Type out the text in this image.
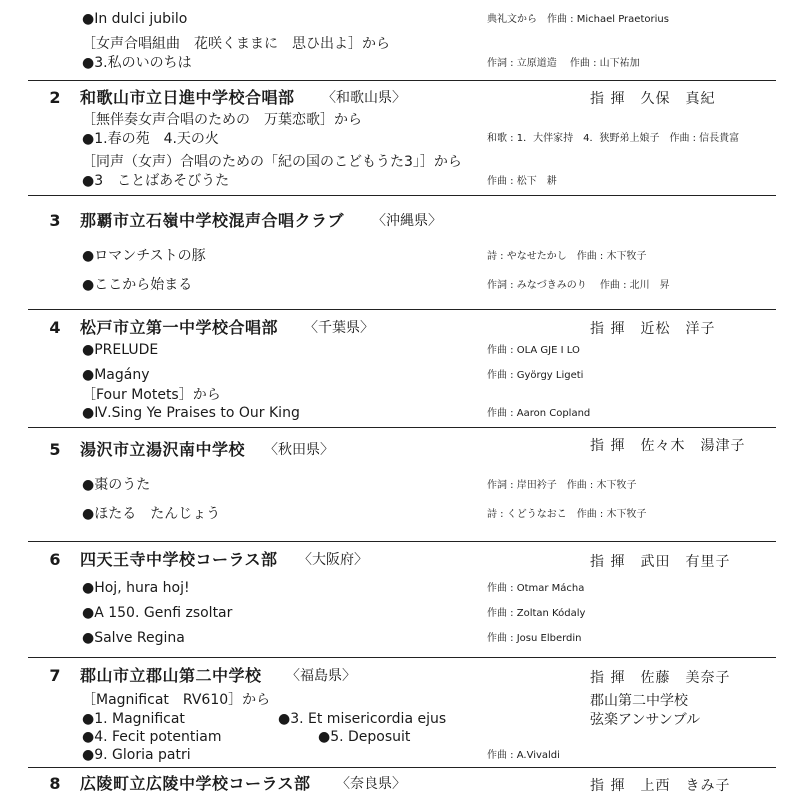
●In dulci jubilo	典礼文から　作曲 : Michael Praetorius
［女声合唱組曲　花咲くままに　思ひ出よ］から
●3.私のいのちは	作詞 : 立原道造　 作曲 : 山下祐加
2	和歌山市立日進中学校合唱部 〈和歌山県〉	指 揮　久保　真紀
［無伴奏女声合唱のための　万葉恋歌］から
●1.春の苑　4.天の火	和歌 : 1．大伴家持　4．狭野弟上娘子　作曲 : 信長貴富
［同声（女声）合唱のための「紀の国のこどもうた3」］から
●3　ことばあそびうた	作曲 : 松下　耕
3	那覇市立石嶺中学校混声合唱クラブ 〈沖縄県〉
●ロマンチストの豚	詩 : やなせたかし　作曲 : 木下牧子
●ここから始まる	作詞 : みなづきみのり　 作曲 : 北川　昇
4	松戸市立第一中学校合唱部 〈千葉県〉	指 揮　近松　洋子
●PRELUDE	作曲 : OLA GJE I LO
●Magány	作曲 : György Ligeti
［Four Motets］から
●Ⅳ.Sing Ye Praises to Our King	作曲 : Aaron Copland
5	湯沢市立湯沢南中学校 〈秋田県〉	指 揮　佐々木　湯津子
●棗のうた	作詞 : 岸田衿子　作曲 : 木下牧子
●ほたる　たんじょう	詩 : くどうなおこ　作曲 : 木下牧子
6	四天王寺中学校コーラス部 〈大阪府〉	指 揮　武田　有里子
●Hoj, hura hoj!	作曲 : Otmar Mácha
●A 150. Genfi zsoltar	作曲 : Zoltan Kódaly
●Salve Regina	作曲 : Josu Elberdin
7	郡山市立郡山第二中学校 〈福島県〉	指 揮　佐藤　美奈子
郡山第二中学校
弦楽アンサンブル
［Magnificat　RV610］から
●1. Magnificat	●3. Et misericordia ejus
●4. Fecit potentiam	●5. Deposuit
●9. Gloria patri	作曲 : A.Vivaldi
8	広陵町立広陵中学校コーラス部 〈奈良県〉	指 揮　上西　きみ子
